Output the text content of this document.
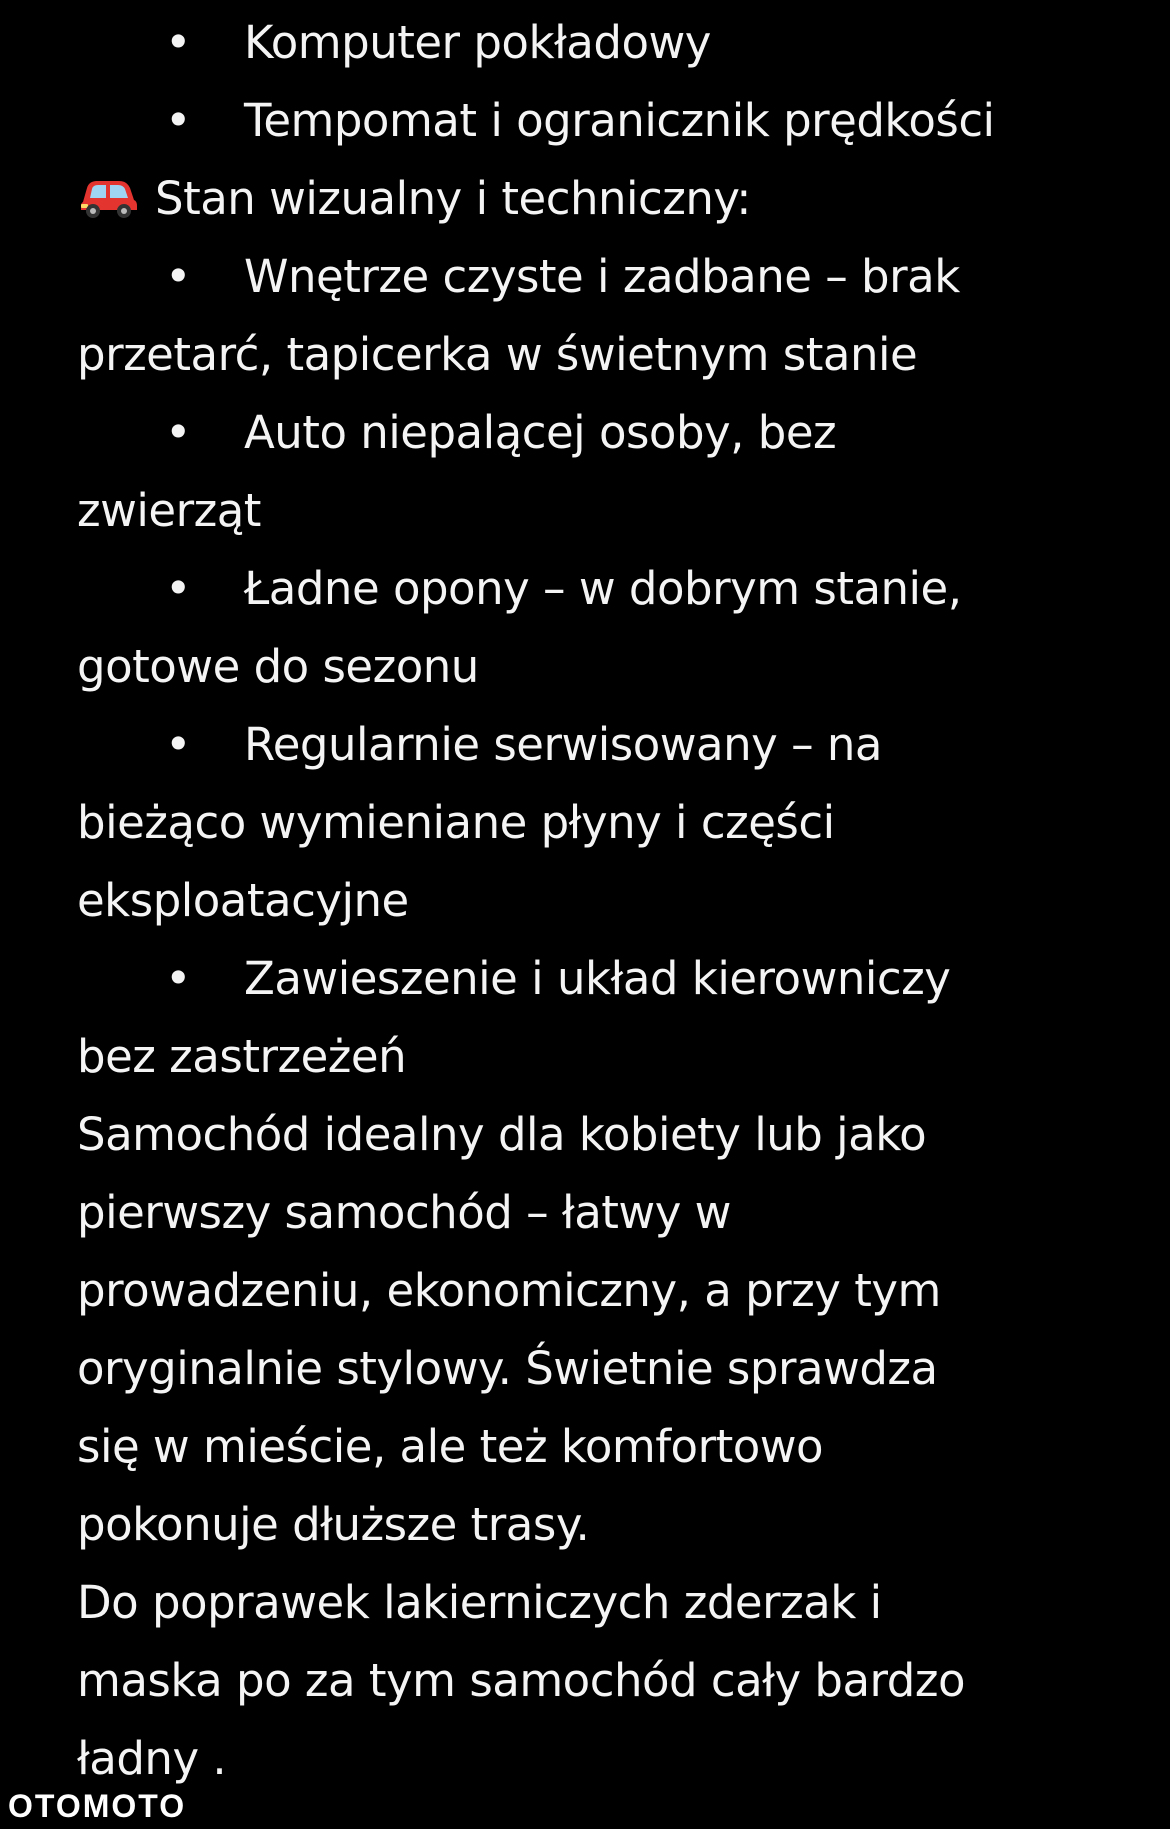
• Komputer pokładowy
• Tempomat i ogranicznik prędkości
Stan wizualny i techniczny:
• Wnętrze czyste i zadbane – brak
przetarć, tapicerka w świetnym stanie
• Auto niepalącej osoby, bez
zwierząt
• Ładne opony – w dobrym stanie,
gotowe do sezonu
• Regularnie serwisowany – na
bieżąco wymieniane płyny i części
eksploatacyjne
• Zawieszenie i układ kierowniczy
bez zastrzeżeń
Samochód idealny dla kobiety lub jako
pierwszy samochód – łatwy w
prowadzeniu, ekonomiczny, a przy tym
oryginalnie stylowy. Świetnie sprawdza
się w mieście, ale też komfortowo
pokonuje dłuższe trasy.
Do poprawek lakierniczych zderzak i
maska po za tym samochód cały bardzo
ładny .
OTOMOTO
